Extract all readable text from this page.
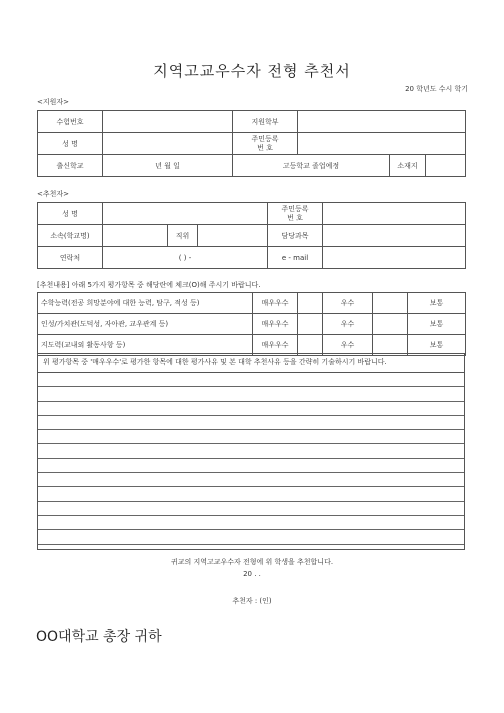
지역고교우수자 전형 추천서
20 학년도 수시 학기
<지원자>
수험번호		지원학부			
성 명		주민등록
번 호			
출신학교	년 월 일	고등학교 졸업예정		소재지	
<추천자>
성 명				주민등록
번 호	
소속(학교명)		직위		담당과목	
연락처	( ) -			e - mail	
[추천내용] 아래 5가지 평가항목 중 해당란에 체크(O)해 주시기 바랍니다.
수학능력(전공 희망분야에 대한 능력, 탐구, 적성 등)	매우우수		우수		보통
인성/가치관(도덕성, 자아관, 교우관계 등)	매우우수		우수		보통
지도력(교내외 활동사항 등)	매우우수		우수		보통
위 평가항목 중 '매우우수'로 평가한 항목에 대한 평가사유 및 본 대학 추천사유 등을 간략히 기술하시기 바랍니다.
귀교의 지역고교우수자 전형에 위 학생을 추천합니다.
20 . .
추천자 : (인)
OO대학교 총장 귀하
